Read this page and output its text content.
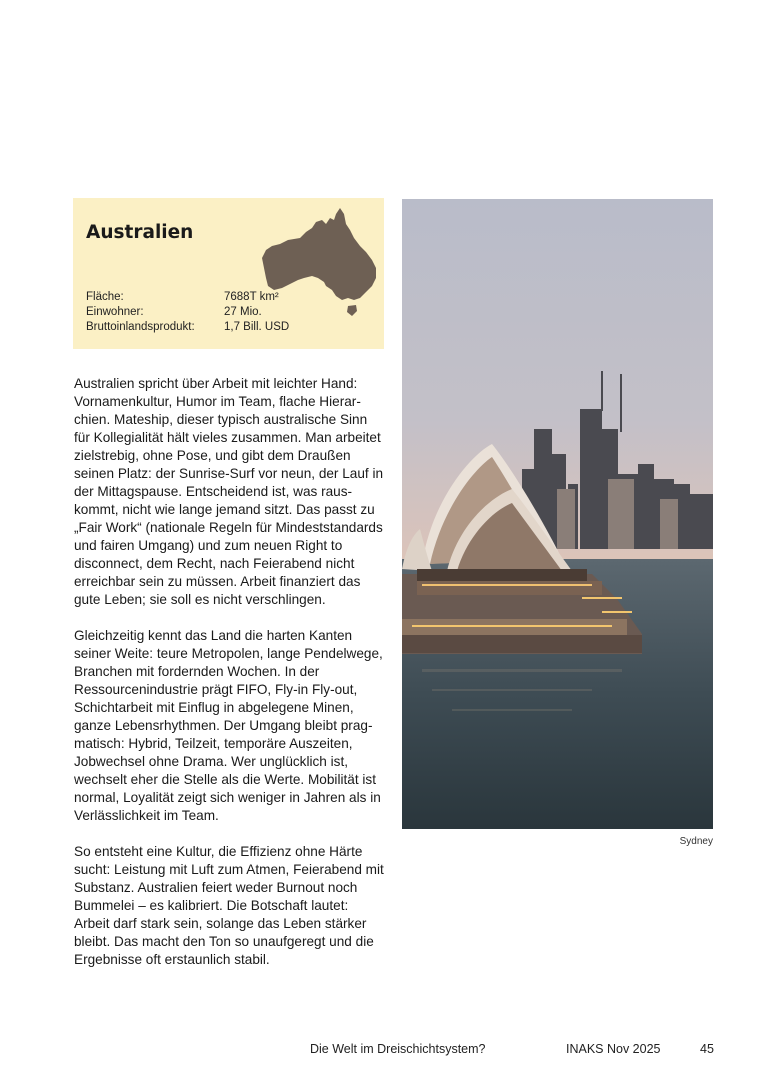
Australien
Fläche:	7688T km²
Einwohner:	27 Mio.
Bruttoinlandsprodukt:	1,7 Bill. USD

Australien spricht über Arbeit mit leichter Hand: Vornamenkultur, Humor im Team, flache Hierarchien. Mateship, dieser typisch australische Sinn für Kollegialität hält vieles zusammen. Man arbeitet zielstrebig, ohne Pose, und gibt dem Draußen seinen Platz: der Sunrise-Surf vor neun, der Lauf in der Mittagspause. Entscheidend ist, was rauskommt, nicht wie lange jemand sitzt. Das passt zu „Fair Work“ (nationale Regeln für Mindeststandards und fairen Umgang) und zum neuen Right to disconnect, dem Recht, nach Feierabend nicht erreichbar sein zu müssen. Arbeit finanziert das gute Leben; sie soll es nicht verschlingen.

Gleichzeitig kennt das Land die harten Kanten seiner Weite: teure Metropolen, lange Pendelwege, Branchen mit fordernden Wochen. In der Ressourcenindustrie prägt FIFO, Fly-in Fly-out, Schichtarbeit mit Einflug in abgelegene Minen, ganze Lebensrhythmen. Der Umgang bleibt pragmatisch: Hybrid, Teilzeit, temporäre Auszeiten, Jobwechsel ohne Drama. Wer unglücklich ist, wechselt eher die Stelle als die Werte. Mobilität ist normal, Loyalität zeigt sich weniger in Jahren als in Verlässlichkeit im Team.

So entsteht eine Kultur, die Effizienz ohne Härte sucht: Leistung mit Luft zum Atmen, Feierabend mit Substanz. Australien feiert weder Burnout noch Bummelei – es kalibriert. Die Botschaft lautet: Arbeit darf stark sein, solange das Leben stärker bleibt. Das macht den Ton so unaufgeregt und die Ergebnisse oft erstaunlich stabil.

Sydney
Die Welt im Dreischichtsystem?	INAKS Nov 2025	45
